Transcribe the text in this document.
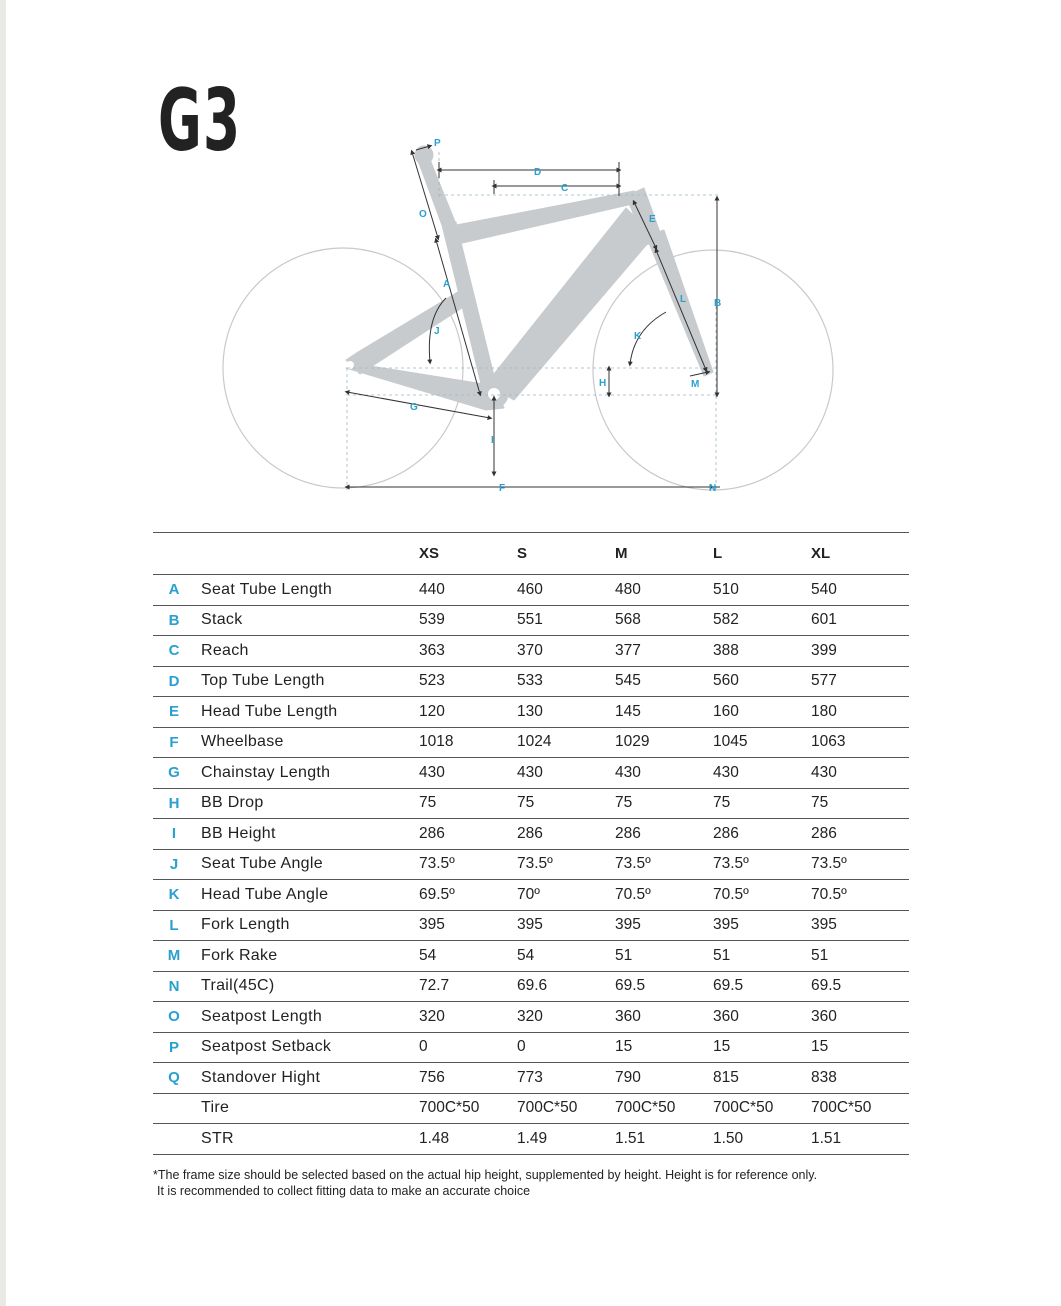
G3	P
D
C
O	E
A
L	B
J	K
H	M
G
I
F	N
		XS	S	M	L	XL
A	Seat Tube Length	440	460	480	510	540
B	Stack	539	551	568	582	601
C	Reach	363	370	377	388	399
D	Top Tube Length	523	533	545	560	577
E	Head Tube Length	120	130	145	160	180
F	Wheelbase	1018	1024	1029	1045	1063
G	Chainstay Length	430	430	430	430	430
H	BB Drop	75	75	75	75	75
I	BB Height	286	286	286	286	286
J	Seat Tube Angle	73.5º	73.5º	73.5º	73.5º	73.5º
K	Head Tube Angle	69.5º	70º	70.5º	70.5º	70.5º
L	Fork Length	395	395	395	395	395
M	Fork Rake	54	54	51	51	51
N	Trail(45C)	72.7	69.6	69.5	69.5	69.5
O	Seatpost Length	320	320	360	360	360
P	Seatpost Setback	0	0	15	15	15
Q	Standover Hight	756	773	790	815	838
	Tire	700C*50	700C*50	700C*50	700C*50	700C*50
	STR	1.48	1.49	1.51	1.50	1.51
*The frame size should be selected based on the actual hip height, supplemented by height. Height is for reference only.
It is recommended to collect fitting data to make an accurate choice
